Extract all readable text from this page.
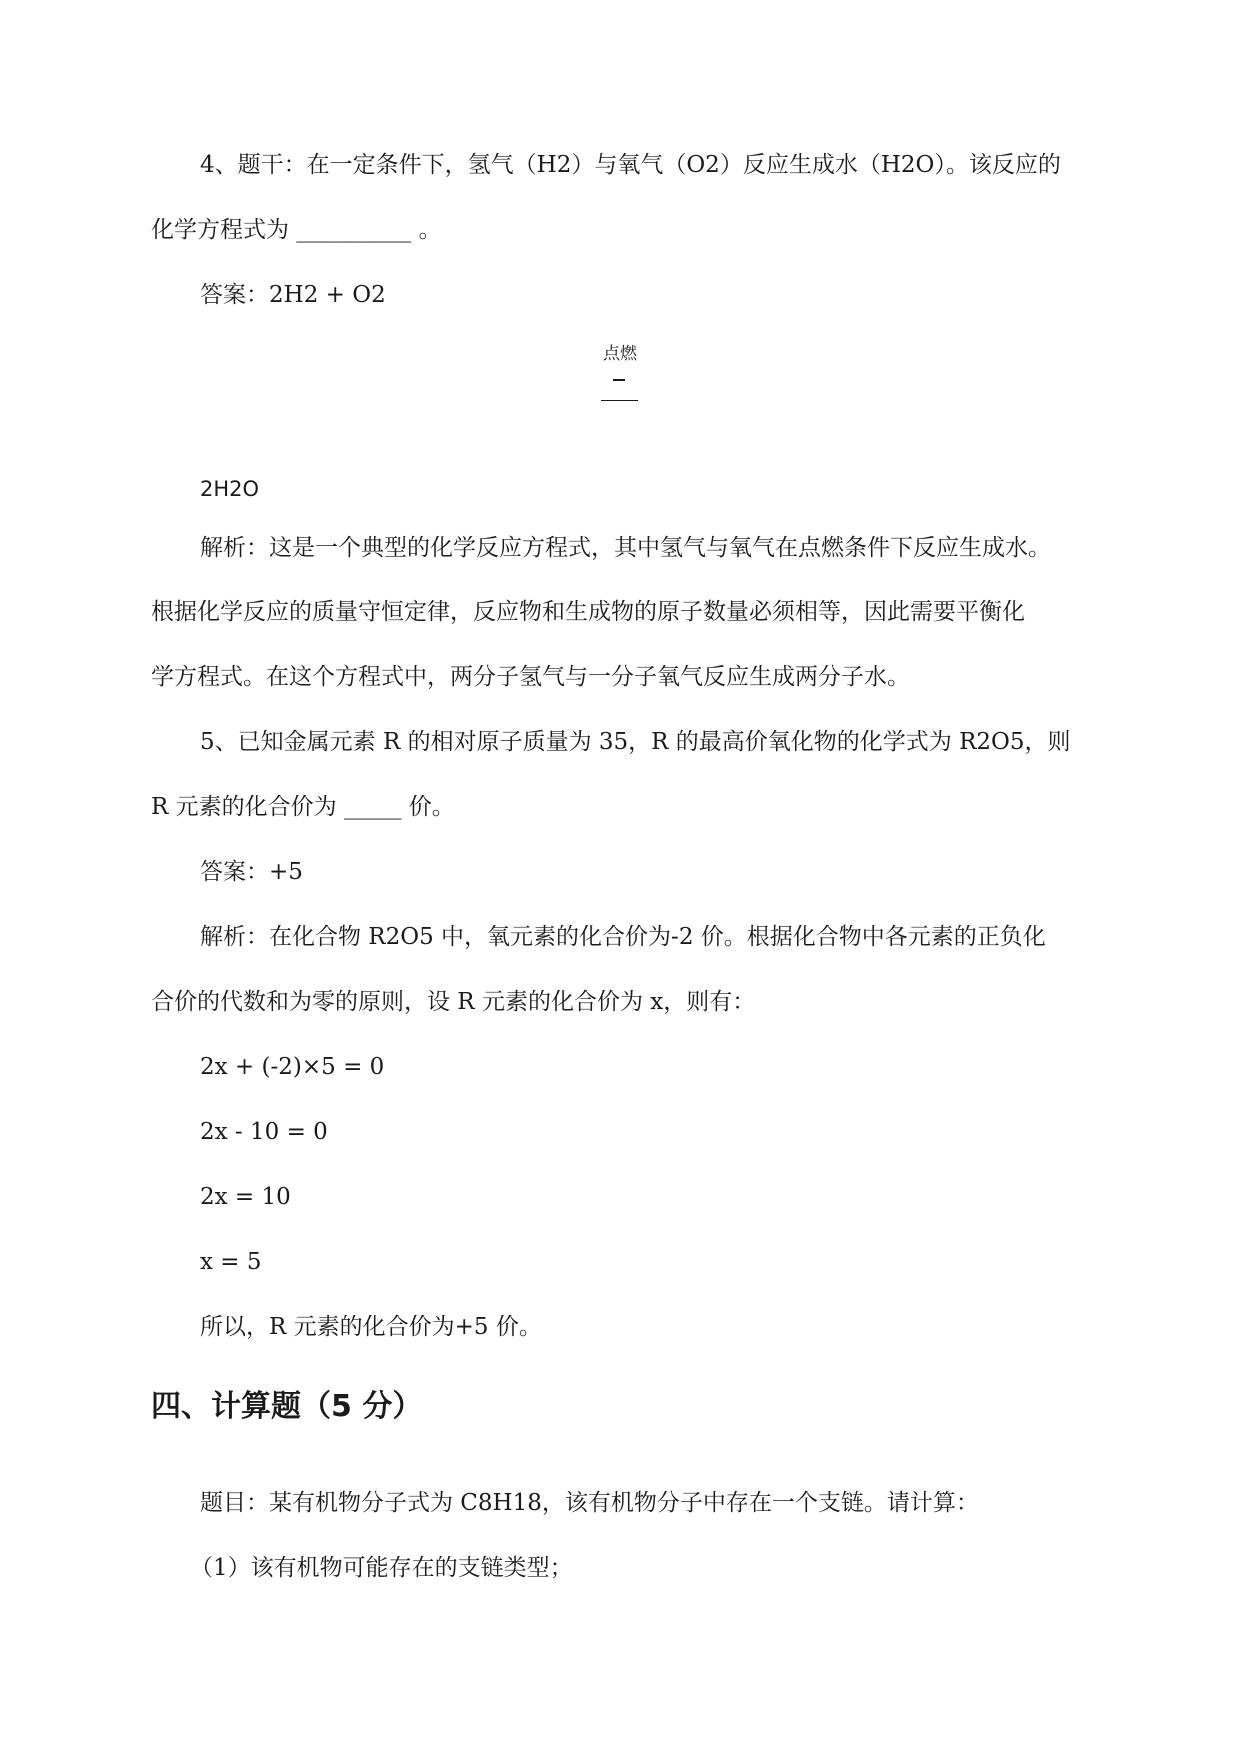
4、题干：在一定条件下，氢气（H2）与氧气（O2）反应生成水（H2O）。该反应的
化学方程式为 __________ 。
答案：2H2 + O2
点燃
2H2O
解析：这是一个典型的化学反应方程式，其中氢气与氧气在点燃条件下反应生成水。
根据化学反应的质量守恒定律，反应物和生成物的原子数量必须相等，因此需要平衡化
学方程式。在这个方程式中，两分子氢气与一分子氧气反应生成两分子水。
5、已知金属元素 R 的相对原子质量为 35，R 的最高价氧化物的化学式为 R2O5，则
R 元素的化合价为 _____ 价。
答案：+5
解析：在化合物 R2O5 中，氧元素的化合价为-2 价。根据化合物中各元素的正负化
合价的代数和为零的原则，设 R 元素的化合价为 x，则有：
2x + (-2)×5 = 0
2x - 10 = 0
2x = 10
x = 5
所以，R 元素的化合价为+5 价。
四、计算题（5 分）
题目：某有机物分子式为 C8H18，该有机物分子中存在一个支链。请计算：
（1）该有机物可能存在的支链类型；
